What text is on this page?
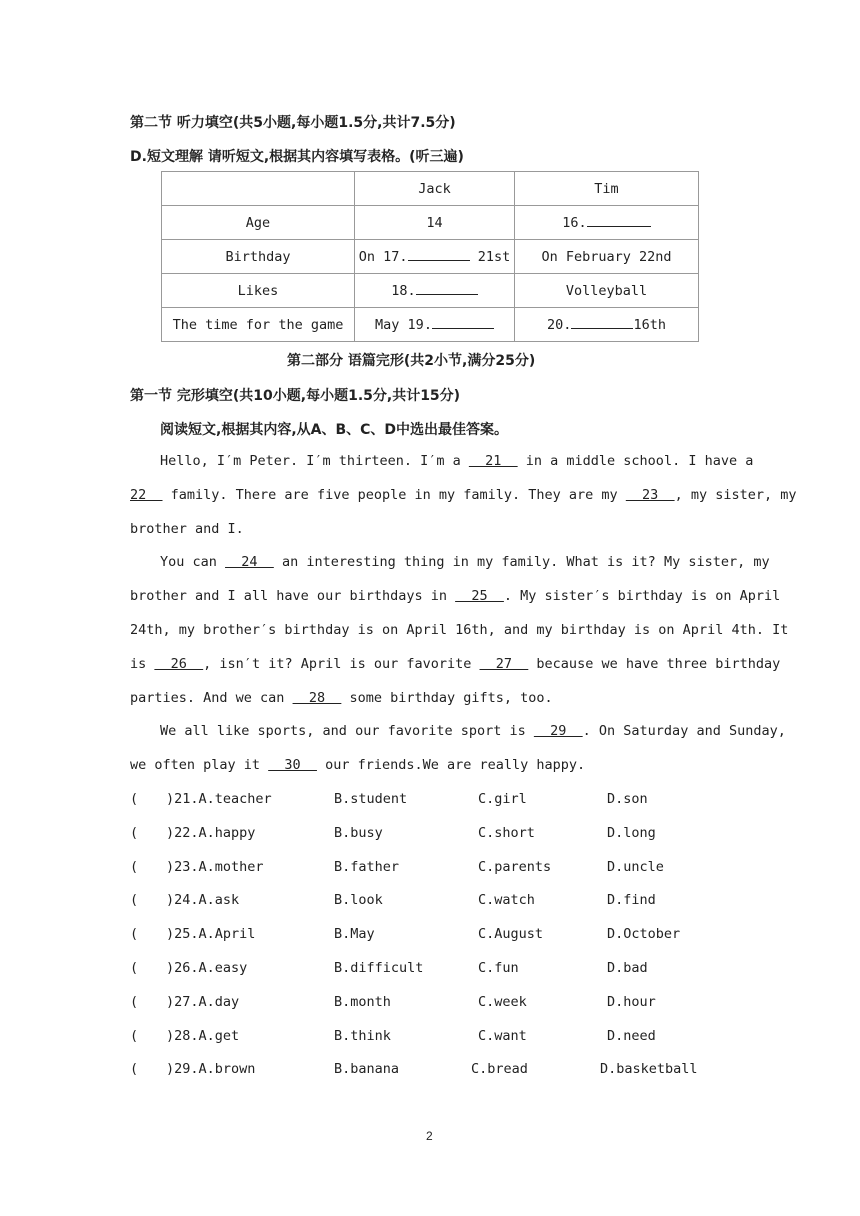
第二节 听力填空(共5小题,每小题1.5分,共计7.5分)
D.短文理解 请听短文,根据其内容填写表格。(听三遍)
	Jack	Tim
Age	14	16.
Birthday	On 17. 21st	On February 22nd
Likes	18.	Volleyball
The time for the game	May 19.	20. 16th
第二部分 语篇完形(共2小节,满分25分)
第一节 完形填空(共10小题,每小题1.5分,共计15分)
阅读短文,根据其内容,从A、B、C、D中选出最佳答案。
Hello, I′m Peter. I′m thirteen. I′m a   21   in a middle school. I have a
22   family. There are five people in my family. They are my   23  , my sister, my
brother and I.
You can   24   an interesting thing in my family. What is it? My sister, my
brother and I all have our birthdays in   25  . My sister′s birthday is on April
24th, my brother′s birthday is on April 16th, and my birthday is on April 4th. It
is   26  , isn′t it? April is our favorite   27   because we have three birthday
parties. And we can   28   some birthday gifts, too.
We all like sports, and our favorite sport is   29  . On Saturday and Sunday,
we often play it   30   our friends.We are really happy.
( )21.A.teacher	B.student	C.girl	D.son
( )22.A.happy	B.busy	C.short	D.long
( )23.A.mother	B.father	C.parents	D.uncle
( )24.A.ask	B.look	C.watch	D.find
( )25.A.April	B.May	C.August	D.October
( )26.A.easy	B.difficult	C.fun	D.bad
( )27.A.day	B.month	C.week	D.hour
( )28.A.get	B.think	C.want	D.need
( )29.A.brown	B.banana	C.bread	D.basketball
2
